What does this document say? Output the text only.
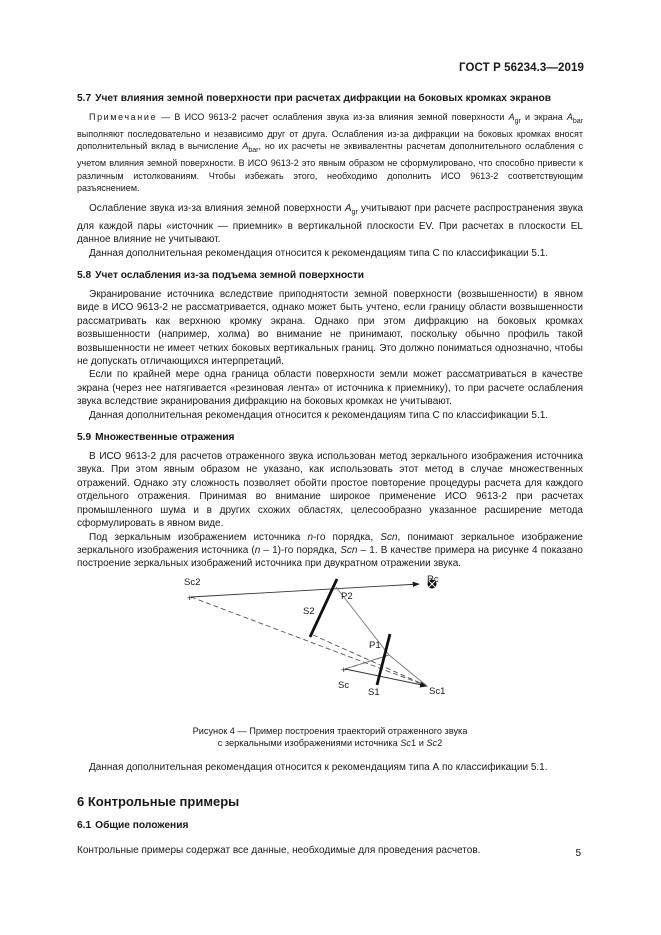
ГОСТ Р 56234.3—2019
5.7 Учет влияния земной поверхности при расчетах дифракции на боковых кромках экранов

Примечание — В ИСО 9613-2 расчет ослабления звука из-за влияния земной поверхности $A_{gr}$ и экрана $A_{bar}$ выполняют последовательно и независимо друг от друга. Ослабления из-за дифракции на боковых кромках вносят дополнительный вклад в вычисление $A_{bar}$, но их расчеты не эквивалентны расчетам дополнительного ослабления с учетом влияния земной поверхности. В ИСО 9613-2 это явным образом не сформулировано, что способно привести к различным истолкованиям. Чтобы избежать этого, необходимо дополнить ИСО 9613-2 соответствующим разъяснением.

Ослабление звука из-за влияния земной поверхности $A_{gr}$ учитывают при расчете распространения звука для каждой пары «источник — приемник» в вертикальной плоскости EV. При расчетах в плоскости EL данное влияние не учитывают.

Данная дополнительная рекомендация относится к рекомендациям типа C по классификации 5.1.

5.8 Учет ослабления из-за подъема земной поверхности

Экранирование источника вследствие приподнятости земной поверхности (возвышенности) в явном виде в ИСО 9613-2 не рассматривается, однако может быть учтено, если границу области возвышенности рассматривать как верхнюю кромку экрана. Однако при этом дифракцию на боковых кромках возвышенности (например, холма) во внимание не принимают, поскольку обычно профиль такой возвышенности не имеет четких боковых вертикальных границ. Это должно пониматься однозначно, чтобы не допускать отличающихся интерпретаций.

Если по крайней мере одна граница области поверхности земли может рассматриваться в качестве экрана (через нее натягивается «резиновая лента» от источника к приемнику), то при расчете ослабления звука вследствие экранирования дифракцию на боковых кромках не учитывают.

Данная дополнительная рекомендация относится к рекомендациям типа C по классификации 5.1.

5.9 Множественные отражения

В ИСО 9613-2 для расчетов отраженного звука использован метод зеркального изображения источника звука. При этом явным образом не указано, как использовать этот метод в случае множественных отражений. Однако эту сложность позволяет обойти простое повторение процедуры расчета для каждого отдельного отражения. Принимая во внимание широкое применение ИСО 9613-2 при расчетах промышленного шума и в других схожих областях, целесообразно указанное расширение метода сформулировать в явном виде.

Под зеркальным изображением источника n-го порядка, Scn, понимают зеркальное изображение зеркального изображения источника (n – 1)-го порядка, Scn – 1. В качестве примера на рисунке 4 показано построение зеркальных изображений источника при двукратном отражении звука.

+
+
Sc2	Rc
P2
S2
P1
Sc
S1	Sc1
Рисунок 4 — Пример построения траекторий отраженного звука
с зеркальными изображениями источника Sc1 и Sc2

Данная дополнительная рекомендация относится к рекомендациям типа А по классификации 5.1.

6 Контрольные примеры
6.1 Общие положения

Контрольные примеры содержат все данные, необходимые для проведения расчетов.	5
